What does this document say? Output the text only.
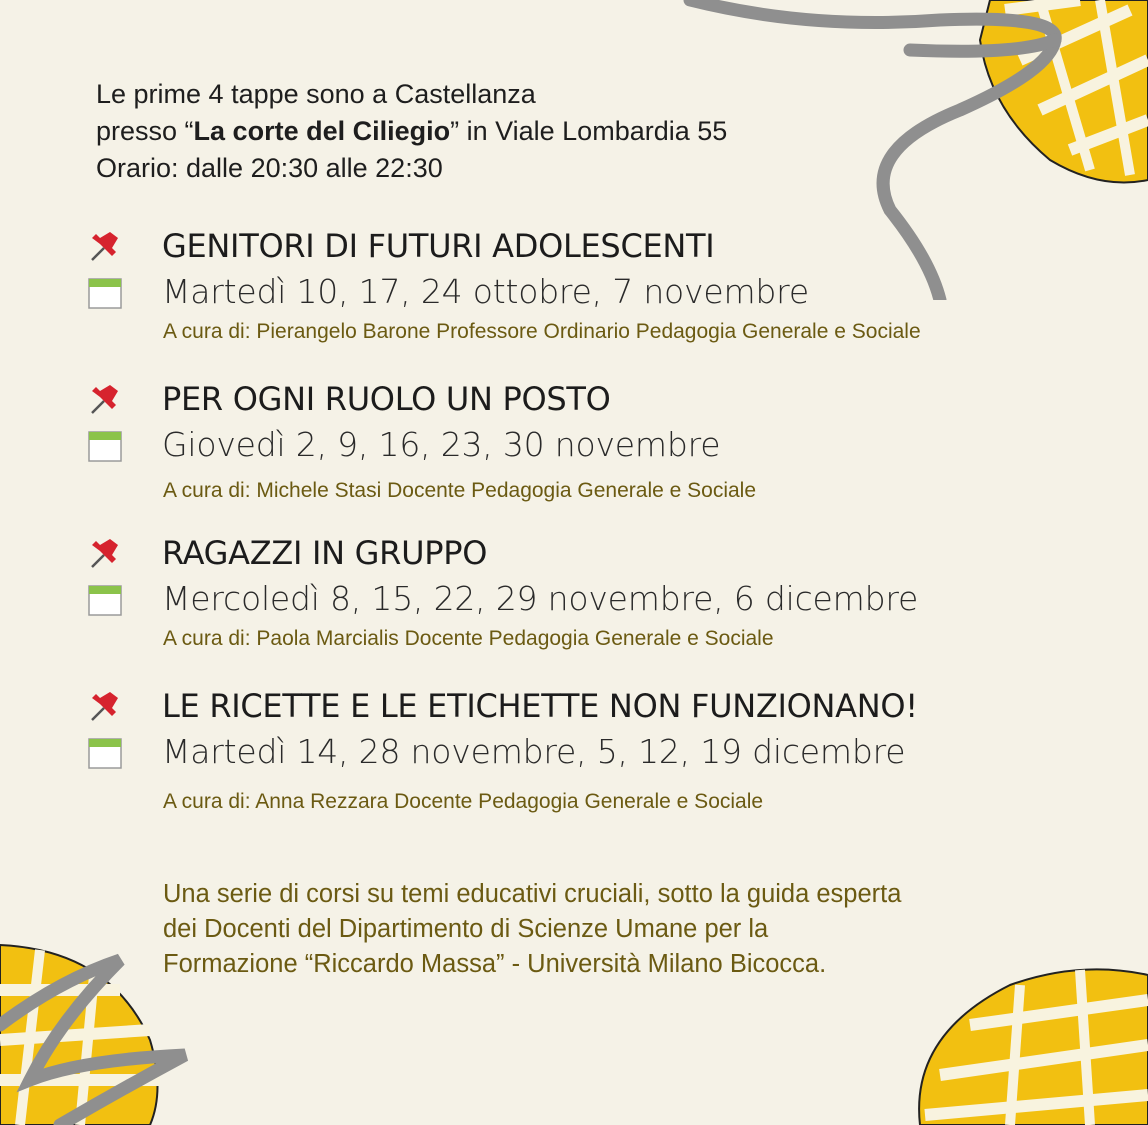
Le prime 4 tappe sono a Castellanza
presso “La corte del Ciliegio” in Viale Lombardia 55
Orario: dalle 20:30 alle 22:30
GENITORI DI FUTURI ADOLESCENTI
Martedì 10, 17, 24 ottobre, 7 novembre
A cura di: Pierangelo Barone Professore Ordinario Pedagogia Generale e Sociale
PER OGNI RUOLO UN POSTO
Giovedì 2, 9, 16, 23, 30 novembre
A cura di: Michele Stasi Docente Pedagogia Generale e Sociale
RAGAZZI IN GRUPPO
Mercoledì 8, 15, 22, 29 novembre, 6 dicembre
A cura di: Paola Marcialis Docente Pedagogia Generale e Sociale
LE RICETTE E LE ETICHETTE NON FUNZIONANO!
Martedì 14, 28 novembre, 5, 12, 19 dicembre
A cura di: Anna Rezzara Docente Pedagogia Generale e Sociale
Una serie di corsi su temi educativi cruciali, sotto la guida esperta
dei Docenti del Dipartimento di Scienze Umane per la
Formazione “Riccardo Massa” - Università Milano Bicocca.
